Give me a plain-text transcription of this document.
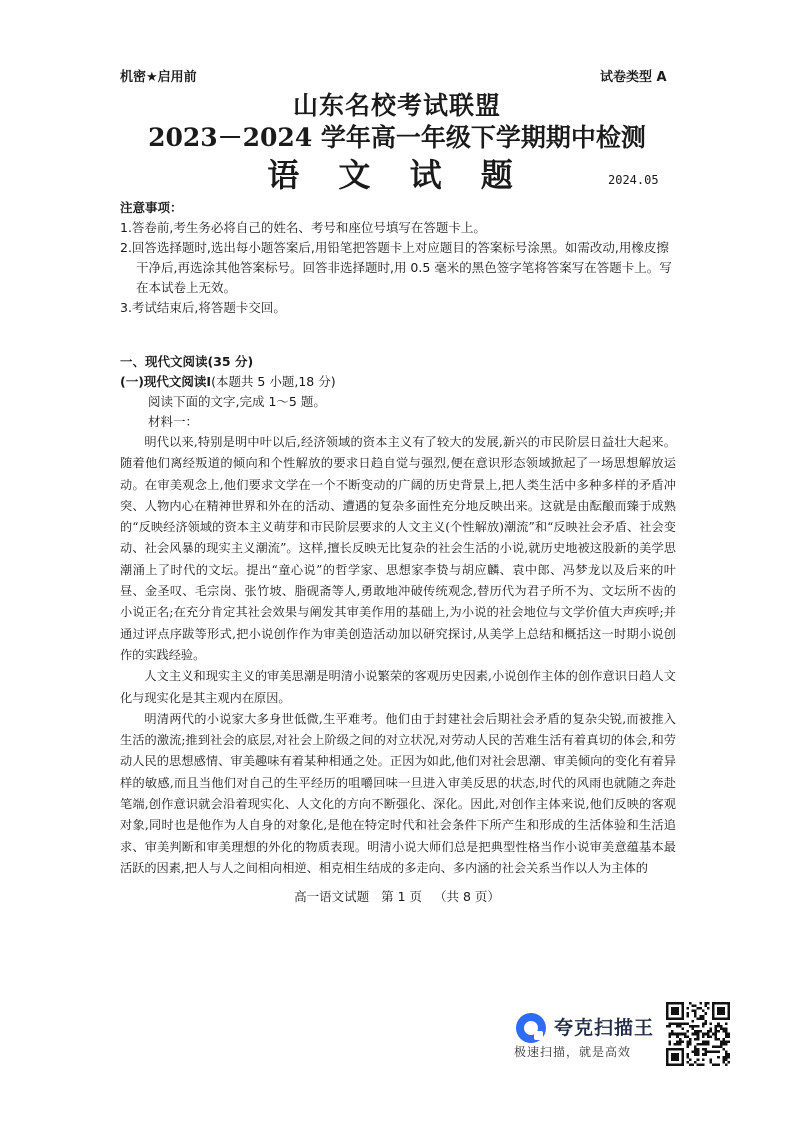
机密★启用前	试卷类型 A
山东名校考试联盟
2023－2024 学年高一年级下学期期中检测
语 文 试 题	2024.05
注意事项：
1.答卷前,考生务必将自己的姓名、考号和座位号填写在答题卡上。
2.回答选择题时,选出每小题答案后,用铅笔把答题卡上对应题目的答案标号涂黑。如需改动,用橡皮擦干净后,再选涂其他答案标号。回答非选择题时,用 0.5 毫米的黑色签字笔将答案写在答题卡上。写在本试卷上无效。
3.考试结束后,将答题卡交回。
一、现代文阅读(35 分)
(一)现代文阅读Ⅰ(本题共 5 小题,18 分)
阅读下面的文字,完成 1～5 题。
材料一：

明代以来,特别是明中叶以后,经济领域的资本主义有了较大的发展,新兴的市民阶层日益壮大起来。随着他们离经叛道的倾向和个性解放的要求日趋自觉与强烈,便在意识形态领域掀起了一场思想解放运动。在审美观念上,他们要求文学在一个不断变动的广阔的历史背景上,把人类生活中多种多样的矛盾冲突、人物内心在精神世界和外在的活动、遭遇的复杂多面性充分地反映出来。这就是由酝酿而臻于成熟的“反映经济领域的资本主义萌芽和市民阶层要求的人文主义(个性解放)潮流”和“反映社会矛盾、社会变动、社会风暴的现实主义潮流”。这样,擅长反映无比复杂的社会生活的小说,就历史地被这股新的美学思潮涌上了时代的文坛。提出“童心说”的哲学家、思想家李贽与胡应麟、袁中郎、冯梦龙以及后来的叶昼、金圣叹、毛宗岗、张竹坡、脂砚斋等人,勇敢地冲破传统观念,替历代为君子所不为、文坛所不齿的小说正名;在充分肯定其社会效果与阐发其审美作用的基础上,为小说的社会地位与文学价值大声疾呼;并通过评点序跋等形式,把小说创作作为审美创造活动加以研究探讨,从美学上总结和概括这一时期小说创作的实践经验。

人文主义和现实主义的审美思潮是明清小说繁荣的客观历史因素,小说创作主体的创作意识日趋人文化与现实化是其主观内在原因。

明清两代的小说家大多身世低微,生平难考。他们由于封建社会后期社会矛盾的复杂尖锐,而被推入生活的激流;推到社会的底层,对社会上阶级之间的对立状况,对劳动人民的苦难生活有着真切的体会,和劳动人民的思想感情、审美趣味有着某种相通之处。正因为如此,他们对社会思潮、审美倾向的变化有着异样的敏感,而且当他们对自己的生平经历的咀嚼回味一旦进入审美反思的状态,时代的风雨也就随之奔赴笔端,创作意识就会沿着现实化、人文化的方向不断强化、深化。因此,对创作主体来说,他们反映的客观对象,同时也是他作为人自身的对象化,是他在特定时代和社会条件下所产生和形成的生活体验和生活追求、审美判断和审美理想的外化的物质表现。明清小说大师们总是把典型性格当作小说审美意蕴基本最活跃的因素,把人与人之间相向相逆、相克相生结成的多走向、多内涵的社会关系当作以人为主体的

高一语文试题 第 1 页 （共 8 页）
夸克扫描王
极速扫描，就是高效
